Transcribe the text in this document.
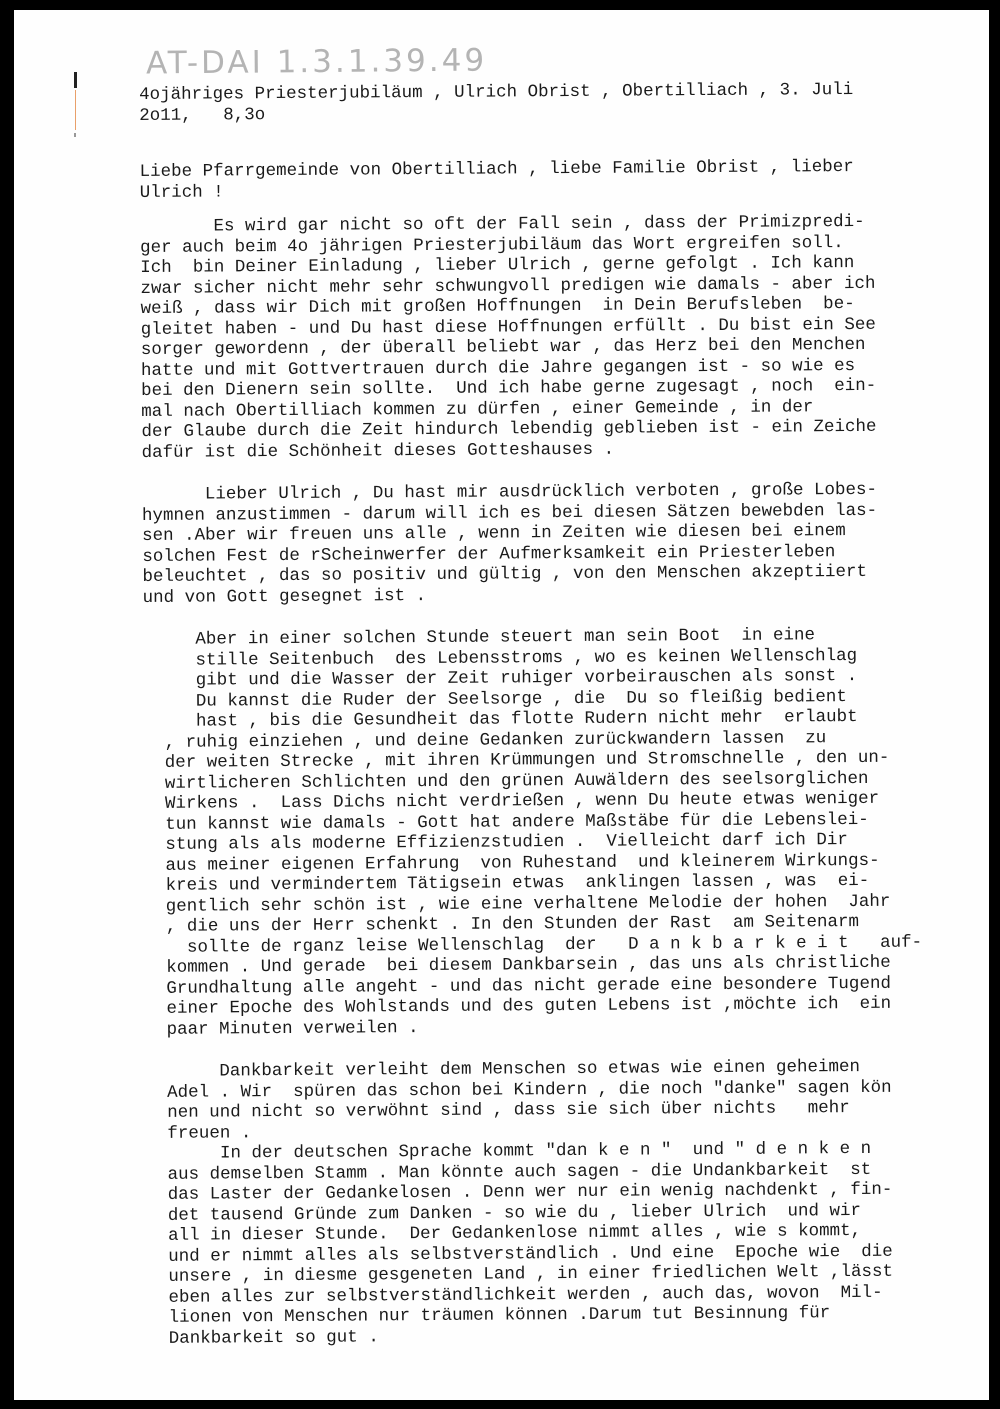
AT-DAI 1.3.1.39.49
4ojähriges Priesterjubiläum , Ulrich Obrist , Obertilliach , 3. Juli
2o11,   8,3o
Liebe Pfarrgemeinde von Obertilliach , liebe Familie Obrist , lieber
Ulrich !
Es wird gar nicht so oft der Fall sein , dass der Primizpredi-
ger auch beim 4o jährigen Priesterjubiläum das Wort ergreifen soll.
Ich  bin Deiner Einladung , lieber Ulrich , gerne gefolgt . Ich kann
zwar sicher nicht mehr sehr schwungvoll predigen wie damals - aber ich
weiß , dass wir Dich mit großen Hoffnungen  in Dein Berufsleben  be-
gleitet haben - und Du hast diese Hoffnungen erfüllt . Du bist ein See
sorger gewordenn , der überall beliebt war , das Herz bei den Menchen
hatte und mit Gottvertrauen durch die Jahre gegangen ist - so wie es
bei den Dienern sein sollte.  Und ich habe gerne zugesagt , noch  ein-
mal nach Obertilliach kommen zu dürfen , einer Gemeinde , in der
der Glaube durch die Zeit hindurch lebendig geblieben ist - ein Zeiche
dafür ist die Schönheit dieses Gotteshauses .
Lieber Ulrich , Du hast mir ausdrücklich verboten , große Lobes-
hymnen anzustimmen - darum will ich es bei diesen Sätzen bewebden las-
sen .Aber wir freuen uns alle , wenn in Zeiten wie diesen bei einem
solchen Fest de rScheinwerfer der Aufmerksamkeit ein Priesterleben
beleuchtet , das so positiv und gültig , von den Menschen akzeptiiert
und von Gott gesegnet ist .
Aber in einer solchen Stunde steuert man sein Boot  in eine
stille Seitenbuch  des Lebensstroms , wo es keinen Wellenschlag
gibt und die Wasser der Zeit ruhiger vorbeirauschen als sonst .
Du kannst die Ruder der Seelsorge , die  Du so fleißig bedient
hast , bis die Gesundheit das flotte Rudern nicht mehr  erlaubt
, ruhig einziehen , und deine Gedanken zurückwandern lassen  zu
der weiten Strecke , mit ihren Krümmungen und Stromschnelle , den un-
wirtlicheren Schlichten und den grünen Auwäldern des seelsorglichen
Wirkens .  Lass Dichs nicht verdrießen , wenn Du heute etwas weniger
tun kannst wie damals - Gott hat andere Maßstäbe für die Lebenslei-
stung als als moderne Effizienzstudien .  Vielleicht darf ich Dir
aus meiner eigenen Erfahrung  von Ruhestand  und kleinerem Wirkungs-
kreis und vermindertem Tätigsein etwas  anklingen lassen , was  ei-
gentlich sehr schön ist , wie eine verhaltene Melodie der hohen  Jahr
, die uns der Herr schenkt . In den Stunden der Rast  am Seitenarm
sollte de rganz leise Wellenschlag  der   D a n k b a r k e i t   auf-
kommen . Und gerade  bei diesem Dankbarsein , das uns als christliche
Grundhaltung alle angeht - und das nicht gerade eine besondere Tugend
einer Epoche des Wohlstands und des guten Lebens ist ,möchte ich  ein
paar Minuten verweilen .
Dankbarkeit verleiht dem Menschen so etwas wie einen geheimen
Adel . Wir  spüren das schon bei Kindern , die noch "danke" sagen kön
nen und nicht so verwöhnt sind , dass sie sich über nichts   mehr
freuen .
In der deutschen Sprache kommt "dan k e n "  und " d e n k e n
aus demselben Stamm . Man könnte auch sagen - die Undankbarkeit  st
das Laster der Gedankelosen . Denn wer nur ein wenig nachdenkt , fin-
det tausend Gründe zum Danken - so wie du , lieber Ulrich  und wir
all in dieser Stunde.  Der Gedankenlose nimmt alles , wie s kommt,
und er nimmt alles als selbstverständlich . Und eine  Epoche wie  die
unsere , in diesme gesgeneten Land , in einer friedlichen Welt ,lässt
eben alles zur selbstverständlichkeit werden , auch das, wovon  Mil-
lionen von Menschen nur träumen können .Darum tut Besinnung für
Dankbarkeit so gut .
